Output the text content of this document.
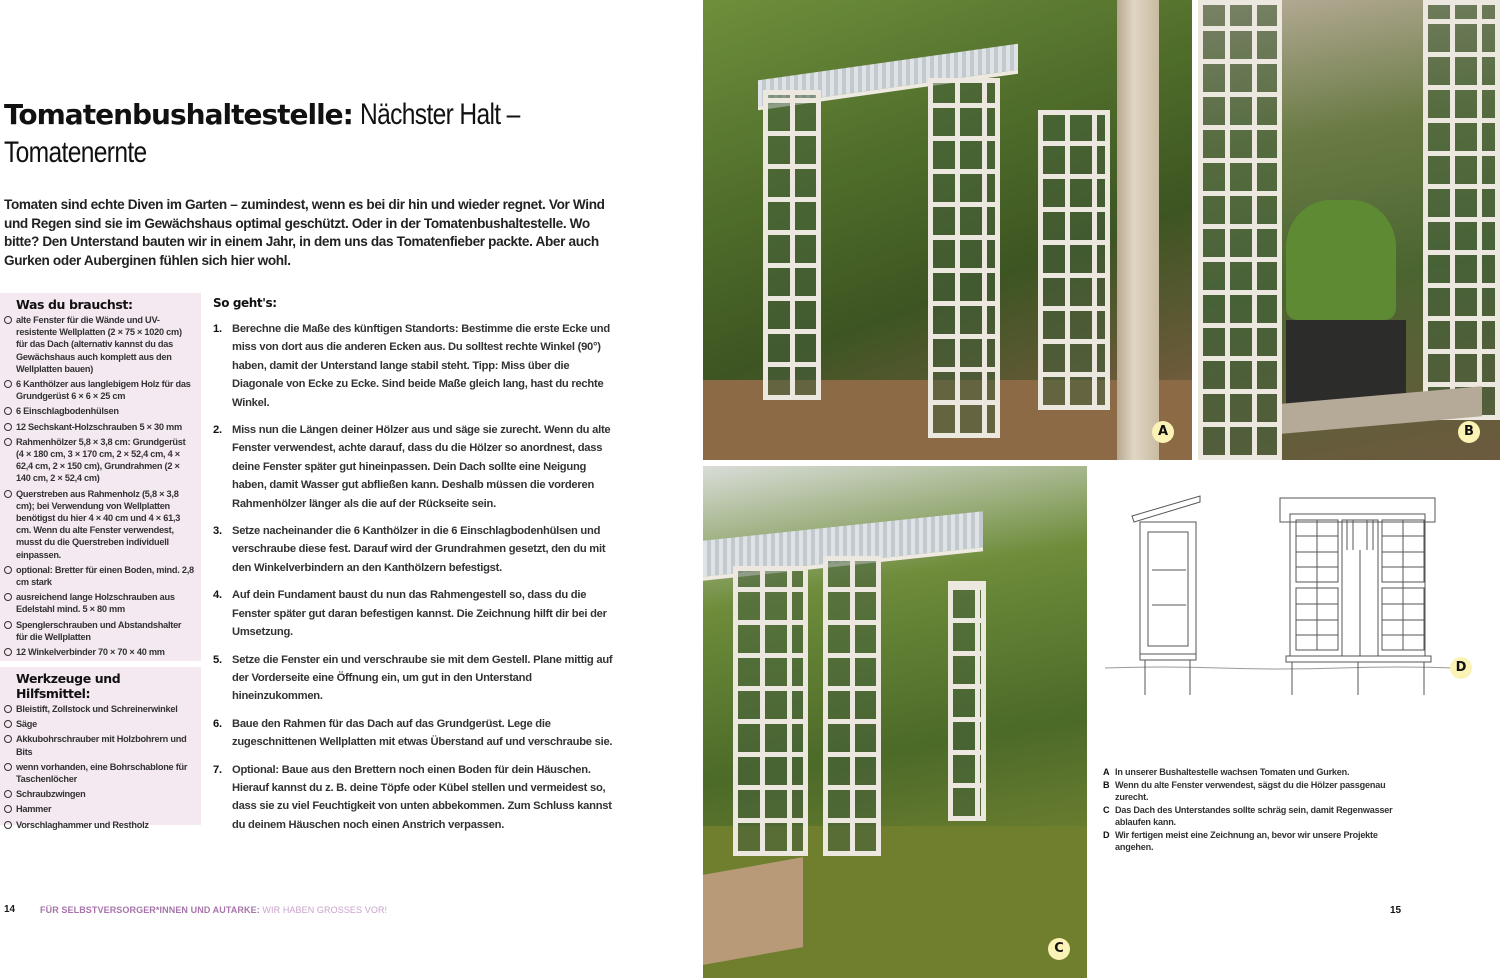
Tomatenbushaltestelle: Nächster Halt –
Tomatenernte

Tomaten sind echte Diven im Garten – zumindest, wenn es bei dir hin und wieder regnet. Vor Wind und Regen sind sie im Gewächshaus optimal geschützt. Oder in der Tomatenbushaltestelle. Wo bitte? Den Unterstand bauten wir in einem Jahr, in dem uns das Tomatenfieber packte. Aber auch Gurken oder Auberginen fühlen sich hier wohl.

Was du brauchst:
alte Fenster für die Wände und UV-resistente Wellplatten (2 × 75 × 1020 cm) für das Dach (alternativ kannst du das Gewächshaus auch komplett aus den Wellplatten bauen)
6 Kanthölzer aus langlebigem Holz für das Grundgerüst 6 × 6 × 25 cm
6 Einschlagbodenhülsen
12 Sechskant-Holzschrauben 5 × 30 mm
Rahmenhölzer 5,8 × 3,8 cm: Grundgerüst (4 × 180 cm, 3 × 170 cm, 2 × 52,4 cm, 4 × 62,4 cm, 2 × 150 cm), Grundrahmen (2 × 140 cm, 2 × 52,4 cm)
Querstreben aus Rahmenholz (5,8 × 3,8 cm); bei Verwendung von Wellplatten benötigst du hier 4 × 40 cm und 4 × 61,3 cm. Wenn du alte Fenster verwendest, musst du die Querstreben individuell einpassen.
optional: Bretter für einen Boden, mind. 2,8 cm stark
ausreichend lange Holzschrauben aus Edelstahl mind. 5 × 80 mm
Spenglerschrauben und Abstandshalter für die Wellplatten
12 Winkelverbinder 70 × 70 × 40 mm
Werkzeuge und Hilfsmittel:
Bleistift, Zollstock und Schreinerwinkel
Säge
Akkubohrschrauber mit Holzbohrern und Bits
wenn vorhanden, eine Bohrschablone für Taschenlöcher
Schraubzwingen
Hammer
Vorschlaghammer und Restholz
So geht's:
1. Berechne die Maße des künftigen Standorts: Bestimme die erste Ecke und miss von dort aus die anderen Ecken aus. Du solltest rechte Winkel (90°) haben, damit der Unterstand lange stabil steht. Tipp: Miss über die Diagonale von Ecke zu Ecke. Sind beide Maße gleich lang, hast du rechte Winkel.
2. Miss nun die Längen deiner Hölzer aus und säge sie zurecht. Wenn du alte Fenster verwendest, achte darauf, dass du die Hölzer so anordnest, dass deine Fenster später gut hineinpassen. Dein Dach sollte eine Neigung haben, damit Wasser gut abfließen kann. Deshalb müssen die vorderen Rahmenhölzer länger als die auf der Rückseite sein.
3. Setze nacheinander die 6 Kanthölzer in die 6 Einschlagbodenhülsen und verschraube diese fest. Darauf wird der Grundrahmen gesetzt, den du mit den Winkelverbindern an den Kanthölzern befestigst.
4. Auf dein Fundament baust du nun das Rahmengestell so, dass du die Fenster später gut daran befestigen kannst. Die Zeichnung hilft dir bei der Umsetzung.
5. Setze die Fenster ein und verschraube sie mit dem Gestell. Plane mittig auf der Vorderseite eine Öffnung ein, um gut in den Unterstand hineinzukommen.
6. Baue den Rahmen für das Dach auf das Grundgerüst. Lege die zugeschnittenen Wellplatten mit etwas Überstand auf und verschraube sie.
7. Optional: Baue aus den Brettern noch einen Boden für dein Häuschen. Hierauf kannst du z. B. deine Töpfe oder Kübel stellen und vermeidest so, dass sie zu viel Feuchtigkeit von unten abbekommen. Zum Schluss kannst du deinem Häuschen noch einen Anstrich verpassen.
14	FÜR SELBSTVERSORGER*INNEN UND AUTARKE: WIR HABEN GROSSES VOR!
A	B
C
D
A In unserer Bushaltestelle wachsen Tomaten und Gurken.
B Wenn du alte Fenster verwendest, sägst du die Hölzer passgenau zurecht.
C Das Dach des Unterstandes sollte schräg sein, damit Regenwasser ablaufen kann.
D Wir fertigen meist eine Zeichnung an, bevor wir unsere Projekte angehen.
15
